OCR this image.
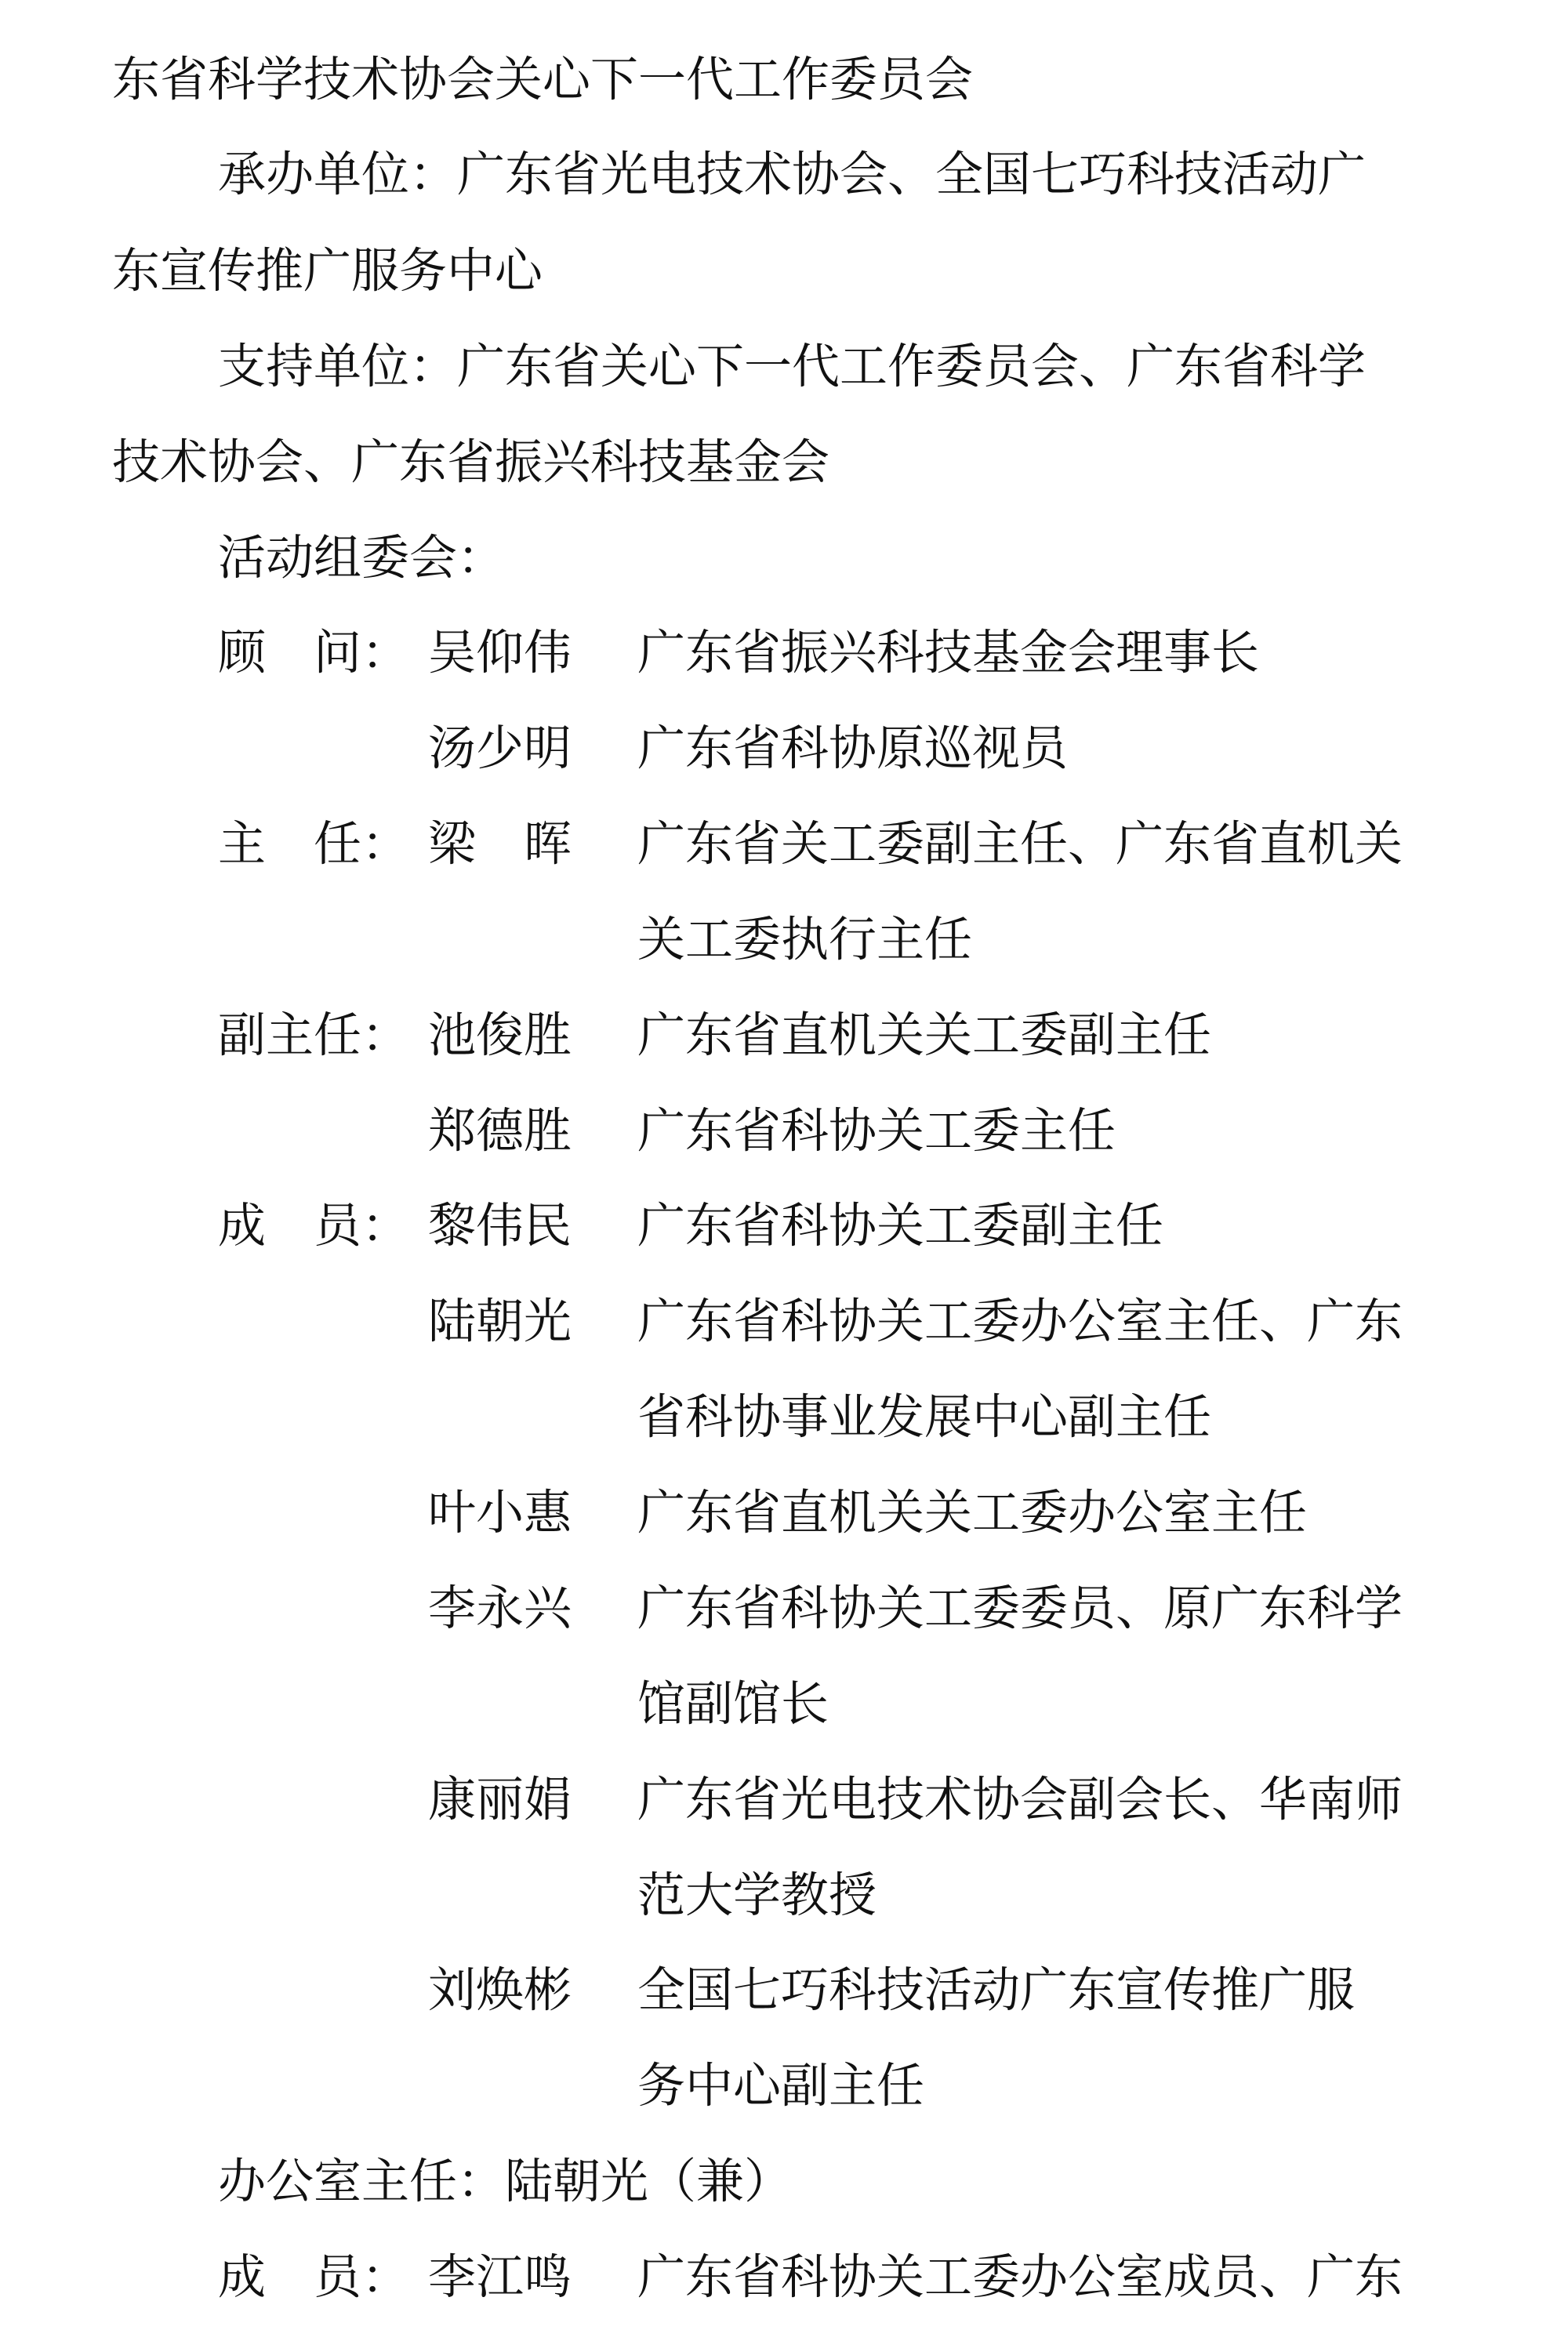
东省科学技术协会关心下一代工作委员会
承办单位：广东省光电技术协会、全国七巧科技活动广
东宣传推广服务中心
支持单位：广东省关心下一代工作委员会、广东省科学
技术协会、广东省振兴科技基金会
活动组委会：
顾　问： 吴仰伟 广东省振兴科技基金会理事长
汤少明 广东省科协原巡视员
主　任： 梁　晖 广东省关工委副主任、广东省直机关
关工委执行主任
副主任： 池俊胜 广东省直机关关工委副主任
郑德胜 广东省科协关工委主任
成　员： 黎伟民 广东省科协关工委副主任
陆朝光 广东省科协关工委办公室主任、广东
省科协事业发展中心副主任
叶小惠 广东省直机关关工委办公室主任
李永兴 广东省科协关工委委员、原广东科学
馆副馆长
康丽娟 广东省光电技术协会副会长、华南师
范大学教授
刘焕彬 全国七巧科技活动广东宣传推广服
务中心副主任
办公室主任：陆朝光（兼）
成　员： 李江鸣 广东省科协关工委办公室成员、广东
